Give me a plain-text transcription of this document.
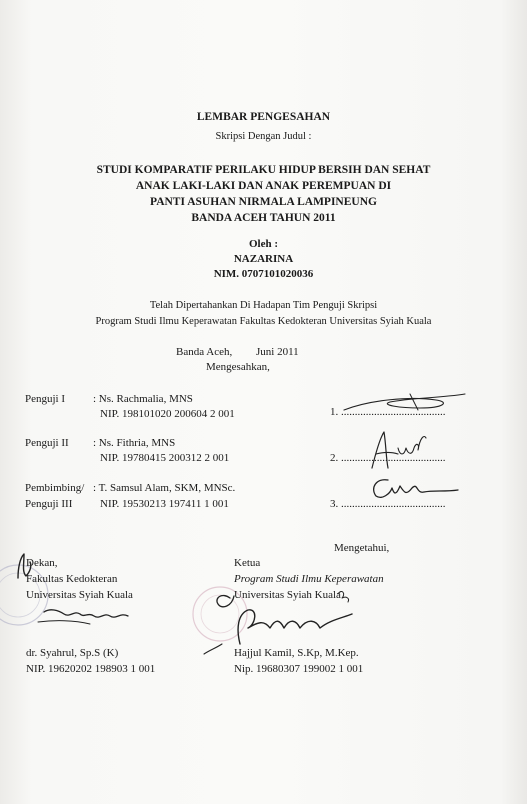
LEMBAR PENGESAHAN
Skripsi Dengan Judul :
STUDI KOMPARATIF PERILAKU HIDUP BERSIH DAN SEHAT
ANAK LAKI-LAKI DAN ANAK PEREMPUAN DI
PANTI ASUHAN NIRMALA LAMPINEUNG
BANDA ACEH TAHUN 2011
Oleh :
NAZARINA
NIM. 0707101020036
Telah Dipertahankan Di Hadapan Tim Penguji Skripsi
Program Studi Ilmu Keperawatan Fakultas Kedokteran Universitas Syiah Kuala
Banda Aceh, Juni 2011
Mengesahkan,
Penguji I	: Ns. Rachmalia, MNS
NIP. 198101020 200604 2 001	1. ......................................
Penguji II : Ns. Fithria, MNS
NIP. 19780415 200312 2 001	2. ......................................
Pembimbing/
Penguji III
: T. Samsul Alam, SKM, MNSc.
NIP. 19530213 197411 1 001	3. ......................................
Mengetahui,
Dekan,
Fakultas Kedokteran
Universitas Syiah Kuala
dr. Syahrul, Sp.S (K)
NIP. 19620202 198903 1 001
Ketua
Program Studi Ilmu Keperawatan
Universitas Syiah Kuala
Hajjul Kamil, S.Kp, M.Kep.
Nip. 19680307 199002 1 001
